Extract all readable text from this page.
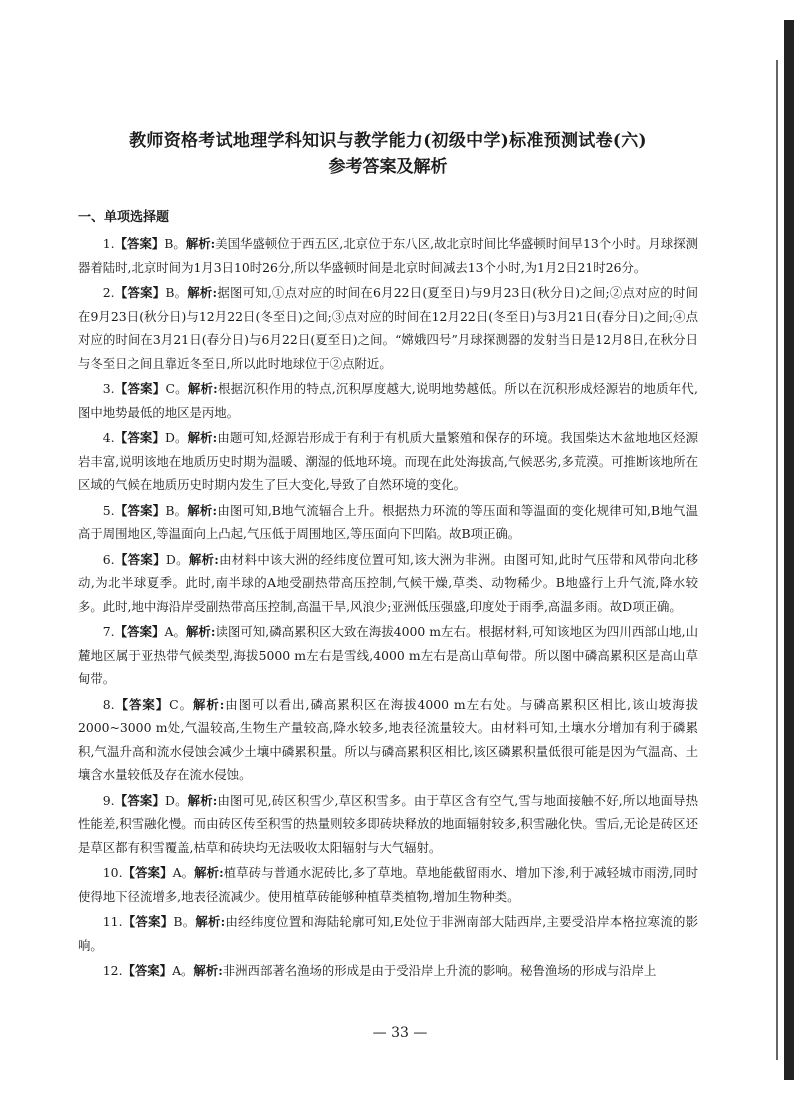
教师资格考试地理学科知识与教学能力(初级中学)标准预测试卷(六)

参考答案及解析

一、单项选择题

1.【答案】B。解析:美国华盛顿位于西五区,北京位于东八区,故北京时间比华盛顿时间早13个小时。月球探测器着陆时,北京时间为1月3日10时26分,所以华盛顿时间是北京时间减去13个小时,为1月2日21时26分。

2.【答案】B。解析:据图可知,①点对应的时间在6月22日(夏至日)与9月23日(秋分日)之间;②点对应的时间在9月23日(秋分日)与12月22日(冬至日)之间;③点对应的时间在12月22日(冬至日)与3月21日(春分日)之间;④点对应的时间在3月21日(春分日)与6月22日(夏至日)之间。“嫦娥四号”月球探测器的发射当日是12月8日,在秋分日与冬至日之间且靠近冬至日,所以此时地球位于②点附近。

3.【答案】C。解析:根据沉积作用的特点,沉积厚度越大,说明地势越低。所以在沉积形成烃源岩的地质年代,图中地势最低的地区是丙地。

4.【答案】D。解析:由题可知,烃源岩形成于有利于有机质大量繁殖和保存的环境。我国柴达木盆地地区烃源岩丰富,说明该地在地质历史时期为温暖、潮湿的低地环境。而现在此处海拔高,气候恶劣,多荒漠。可推断该地所在区域的气候在地质历史时期内发生了巨大变化,导致了自然环境的变化。

5.【答案】B。解析:由图可知,B地气流辐合上升。根据热力环流的等压面和等温面的变化规律可知,B地气温高于周围地区,等温面向上凸起,气压低于周围地区,等压面向下凹陷。故B项正确。

6.【答案】D。解析:由材料中该大洲的经纬度位置可知,该大洲为非洲。由图可知,此时气压带和风带向北移动,为北半球夏季。此时,南半球的A地受副热带高压控制,气候干燥,草类、动物稀少。B地盛行上升气流,降水较多。此时,地中海沿岸受副热带高压控制,高温干旱,风浪少;亚洲低压强盛,印度处于雨季,高温多雨。故D项正确。

7.【答案】A。解析:读图可知,磷高累积区大致在海拔4000 m左右。根据材料,可知该地区为四川西部山地,山麓地区属于亚热带气候类型,海拔5000 m左右是雪线,4000 m左右是高山草甸带。所以图中磷高累积区是高山草甸带。

8.【答案】C。解析:由图可以看出,磷高累积区在海拔4000 m左右处。与磷高累积区相比,该山坡海拔2000~3000 m处,气温较高,生物生产量较高,降水较多,地表径流量较大。由材料可知,土壤水分增加有利于磷累积,气温升高和流水侵蚀会减少土壤中磷累积量。所以与磷高累积区相比,该区磷累积量低很可能是因为气温高、土壤含水量较低及存在流水侵蚀。

9.【答案】D。解析:由图可见,砖区积雪少,草区积雪多。由于草区含有空气,雪与地面接触不好,所以地面导热性能差,积雪融化慢。而由砖区传至积雪的热量则较多即砖块释放的地面辐射较多,积雪融化快。雪后,无论是砖区还是草区都有积雪覆盖,枯草和砖块均无法吸收太阳辐射与大气辐射。

10.【答案】A。解析:植草砖与普通水泥砖比,多了草地。草地能截留雨水、增加下渗,利于减轻城市雨涝,同时使得地下径流增多,地表径流减少。使用植草砖能够种植草类植物,增加生物种类。

11.【答案】B。解析:由经纬度位置和海陆轮廓可知,E处位于非洲南部大陆西岸,主要受沿岸本格拉寒流的影响。

12.【答案】A。解析:非洲西部著名渔场的形成是由于受沿岸上升流的影响。秘鲁渔场的形成与沿岸上

— 33 —
